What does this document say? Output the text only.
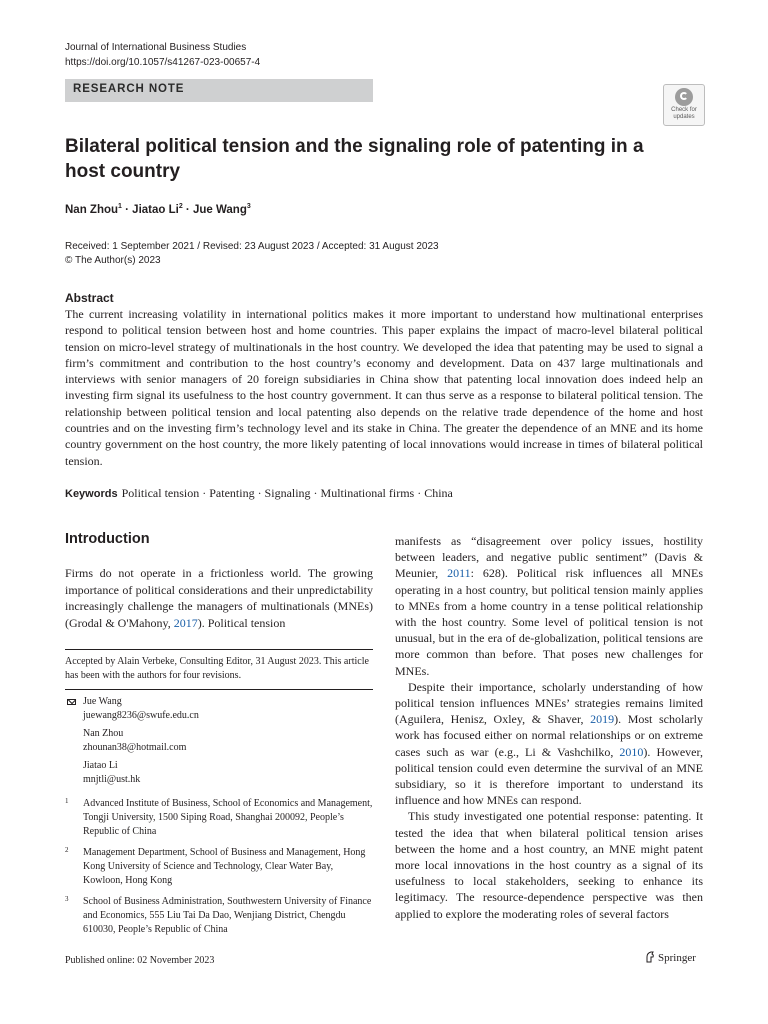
Journal of International Business Studies
https://doi.org/10.1057/s41267-023-00657-4
RESEARCH NOTE
Check for
updates
Bilateral political tension and the signaling role of patenting in a host country
Nan Zhou$^1$ · Jiatao $Li^2$ · Jue Wang$^3$
Received: 1 September 2021 / Revised: 23 August 2023 / Accepted: 31 August 2023
© The Author(s) 2023
Abstract
The current increasing volatility in international politics makes it more important to understand how multinational enterprises respond to political tension between host and home countries. This paper explains the impact of macro-level bilateral political tension on micro-level strategy of multinationals in the host country. We developed the idea that patenting may be used to signal a firm’s commitment and contribution to the host country’s economy and development. Data on 437 large multinationals and interviews with senior managers of 20 foreign subsidiaries in China show that patenting local innovation does indeed help an investing firm signal its usefulness to the host country government. It can thus serve as a response to bilateral political tension. The relationship between political tension and local patenting also depends on the relative trade dependence of the home and host countries and on the investing firm’s technology level and its stake in China. The greater the dependence of an MNE and its home country government on the host country, the more likely patenting of local innovations would increase in times of bilateral political tension.
Keywords Political tension · Patenting · Signaling · Multinational firms · China
Introduction
Firms do not operate in a frictionless world. The growing importance of political considerations and their unpredictability increasingly challenge the managers of multinationals (MNEs) (Grodal & O'Mahony, 2017). Political tension
Accepted by Alain Verbeke, Consulting Editor, 31 August 2023. This article has been with the authors for four revisions.
Jue Wang
juewang8236@swufe.edu.cn
Nan Zhou
zhounan38@hotmail.com
Jiatao Li
mnjtli@ust.hk
1 Advanced Institute of Business, School of Economics and Management, Tongji University, 1500 Siping Road, Shanghai 200092, People’s Republic of China
2 Management Department, School of Business and Management, Hong Kong University of Science and Technology, Clear Water Bay, Kowloon, Hong Kong
3 School of Business Administration, Southwestern University of Finance and Economics, 555 Liu Tai Da Dao, Wenjiang District, Chengdu 610030, People’s Republic of China

manifests as “disagreement over policy issues, hostility between leaders, and negative public sentiment” (Davis & Meunier, 2011: 628). Political risk influences all MNEs operating in a host country, but political tension mainly applies to MNEs from a home country in a tense political relationship with the host country. Some level of political tension is not unusual, but in the era of de-globalization, political tensions are more common than before. That poses new challenges for MNEs.

Despite their importance, scholarly understanding of how political tension influences MNEs’ strategies remains limited (Aguilera, Henisz, Oxley, & Shaver, 2019). Most scholarly work has focused either on normal relationships or on extreme cases such as war (e.g., Li & Vashchilko, 2010). However, political tension could even determine the survival of an MNE subsidiary, so it is therefore important to understand its influence and how MNEs can respond.

This study investigated one potential response: patenting. It tested the idea that when bilateral political tension arises between the home and a host country, an MNE might patent more local innovations in the host country as a signal of its usefulness to local stakeholders, seeking to enhance its legitimacy. The resource-dependence perspective was then applied to explore the moderating roles of several factors

Published online: 02 November 2023	Springer
